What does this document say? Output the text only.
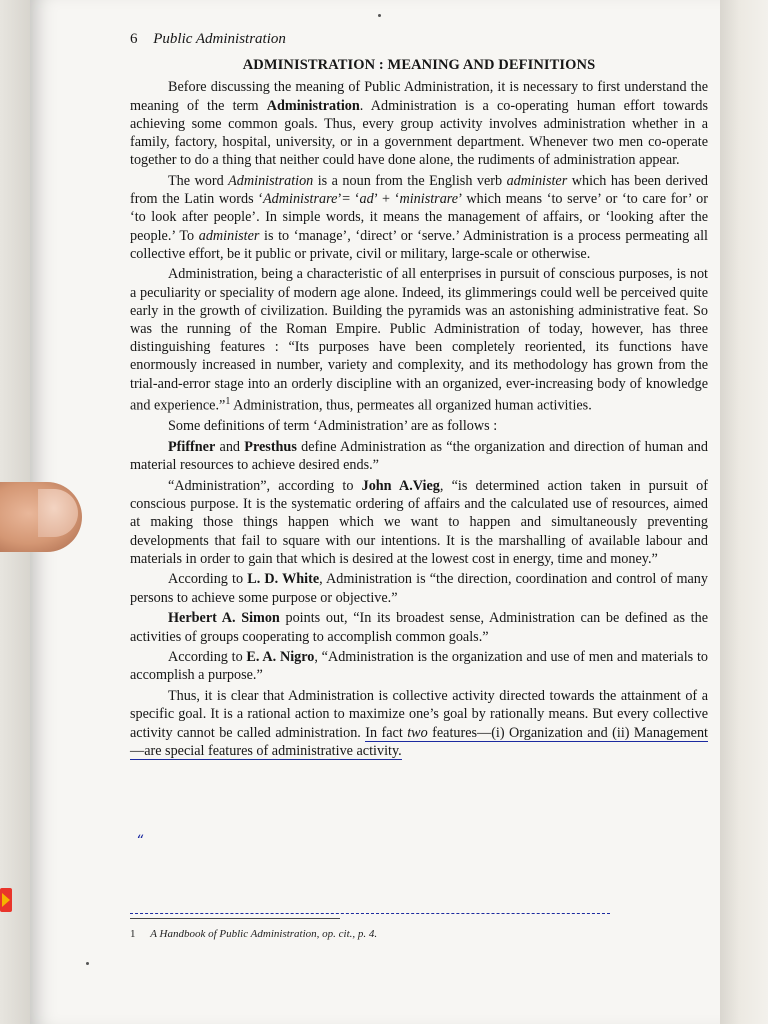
6 Public Administration
ADMINISTRATION : MEANING AND DEFINITIONS

Before discussing the meaning of Public Administration, it is necessary to first understand the meaning of the term Administration. Administration is a co-operating human effort towards achieving some common goals. Thus, every group activity involves administration whether in a family, factory, hospital, university, or in a government department. Whenever two men co-operate together to do a thing that neither could have done alone, the rudiments of administration appear.

The word Administration is a noun from the English verb administer which has been derived from the Latin words ‘Administrare’= ‘ad’ + ‘ministrare’ which means ‘to serve’ or ‘to care for’ or ‘to look after people’. In simple words, it means the management of affairs, or ‘looking after the people.’ To administer is to ‘manage’, ‘direct’ or ‘serve.’ Administration is a process permeating all collective effort, be it public or private, civil or military, large-scale or otherwise.

Administration, being a characteristic of all enterprises in pursuit of conscious purposes, is not a peculiarity or speciality of modern age alone. Indeed, its glimmerings could well be perceived quite early in the growth of civilization. Building the pyramids was an astonishing administrative feat. So was the running of the Roman Empire. Public Administration of today, however, has three distinguishing features : “Its purposes have been completely reoriented, its functions have enormously increased in number, variety and complexity, and its methodology has grown from the trial-and-error stage into an orderly discipline with an organized, ever-increasing body of knowledge and experience.”$^1$ Administration, thus, permeates all organized human activities.

Some definitions of term ‘Administration’ are as follows :

Pfiffner and Presthus define Administration as “the organization and direction of human and material resources to achieve desired ends.”

“Administration”, according to John A.Vieg, “is determined action taken in pursuit of conscious purpose. It is the systematic ordering of affairs and the calculated use of resources, aimed at making those things happen which we want to happen and simultaneously preventing developments that fail to square with our intentions. It is the marshalling of available labour and materials in order to gain that which is desired at the lowest cost in energy, time and money.”

According to L. D. White, Administration is “the direction, coordination and control of many persons to achieve some purpose or objective.”

Herbert A. Simon points out, “In its broadest sense, Administration can be defined as the activities of groups cooperating to accomplish common goals.”

According to E. A. Nigro, “Administration is the organization and use of men and materials to accomplish a purpose.”

Thus, it is clear that Administration is collective activity directed towards the attainment of a specific goal. It is a rational action to maximize one’s goal by rationally means. But every collective activity cannot be called administration. In fact two features—(i) Organization and (ii) Management—are special features of administrative activity.

“
1 A Handbook of Public Administration, op. cit., p. 4.
